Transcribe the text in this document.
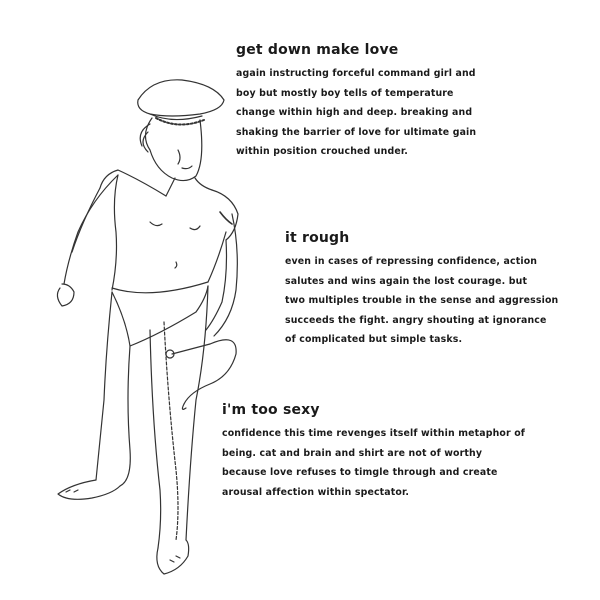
get down make love

again instructing forceful command girl and

boy but mostly boy tells of temperature

change within high and deep. breaking and

shaking the barrier of love for ultimate gain

within position crouched under.

it rough

even in cases of repressing confidence, action

salutes and wins again the lost courage. but

two multiples trouble in the sense and aggression

succeeds the fight. angry shouting at ignorance

of complicated but simple tasks.

i'm too sexy

confidence this time revenges itself within metaphor of

being. cat and brain and shirt are not of worthy

because love refuses to timgle through and create

arousal affection within spectator.
